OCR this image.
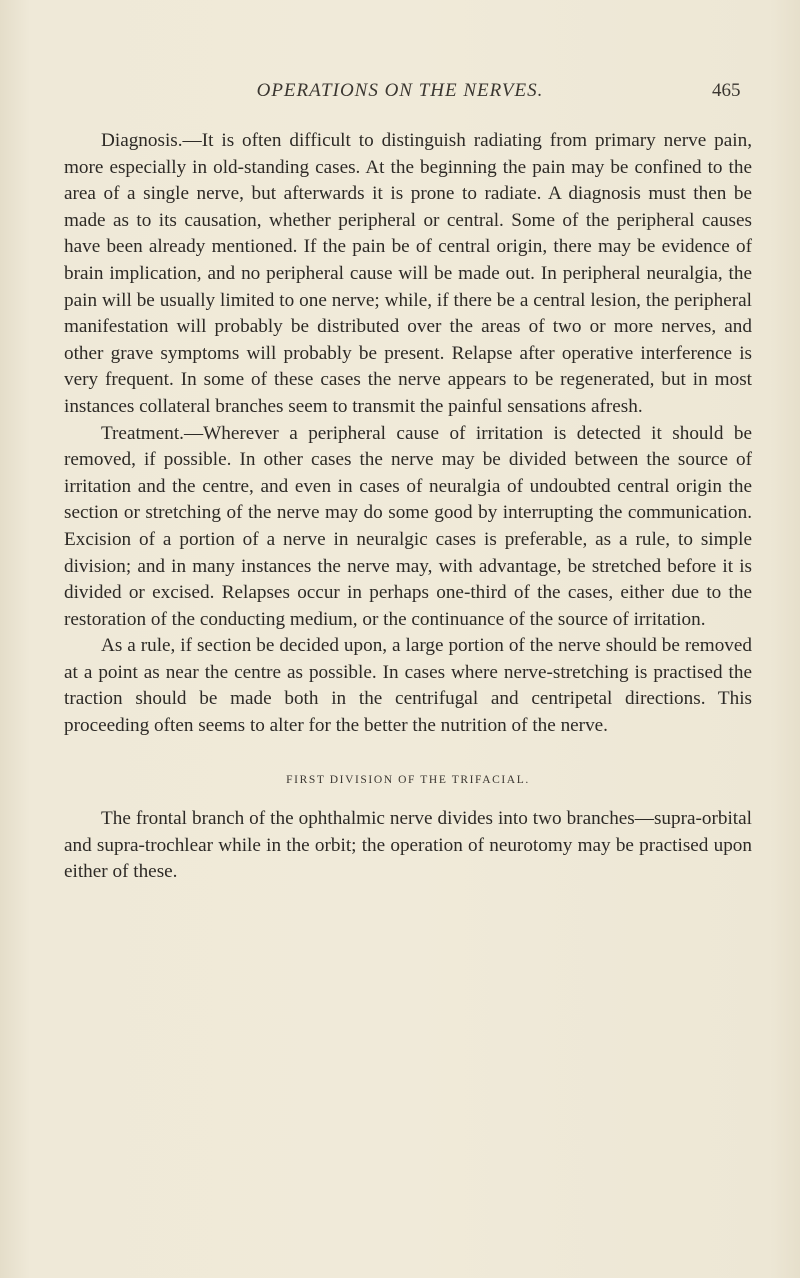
OPERATIONS ON THE NERVES.	465

Diagnosis.—It is often difficult to distinguish radiating from primary nerve pain, more especially in old-standing cases. At the beginning the pain may be confined to the area of a single nerve, but afterwards it is prone to radiate. A diagnosis must then be made as to its causation, whether peripheral or central. Some of the peripheral causes have been already mentioned. If the pain be of central origin, there may be evidence of brain implication, and no peripheral cause will be made out. In peripheral neuralgia, the pain will be usually limited to one nerve; while, if there be a central lesion, the peripheral manifestation will probably be distributed over the areas of two or more nerves, and other grave symptoms will probably be present. Relapse after operative interference is very frequent. In some of these cases the nerve appears to be regenerated, but in most instances collateral branches seem to transmit the painful sensations afresh.

Treatment.—Wherever a peripheral cause of irritation is detected it should be removed, if possible. In other cases the nerve may be divided between the source of irritation and the centre, and even in cases of neuralgia of undoubted central origin the section or stretching of the nerve may do some good by interrupting the communication. Excision of a portion of a nerve in neuralgic cases is preferable, as a rule, to simple division; and in many instances the nerve may, with advantage, be stretched before it is divided or excised. Relapses occur in perhaps one-third of the cases, either due to the restoration of the conducting medium, or the continuance of the source of irritation.

As a rule, if section be decided upon, a large portion of the nerve should be removed at a point as near the centre as possible. In cases where nerve-stretching is practised the traction should be made both in the centrifugal and centripetal directions. This proceeding often seems to alter for the better the nutrition of the nerve.

FIRST DIVISION OF THE TRIFACIAL.

The frontal branch of the ophthalmic nerve divides into two branches—supra-orbital and supra-trochlear while in the orbit; the operation of neurotomy may be practised upon either of these.
